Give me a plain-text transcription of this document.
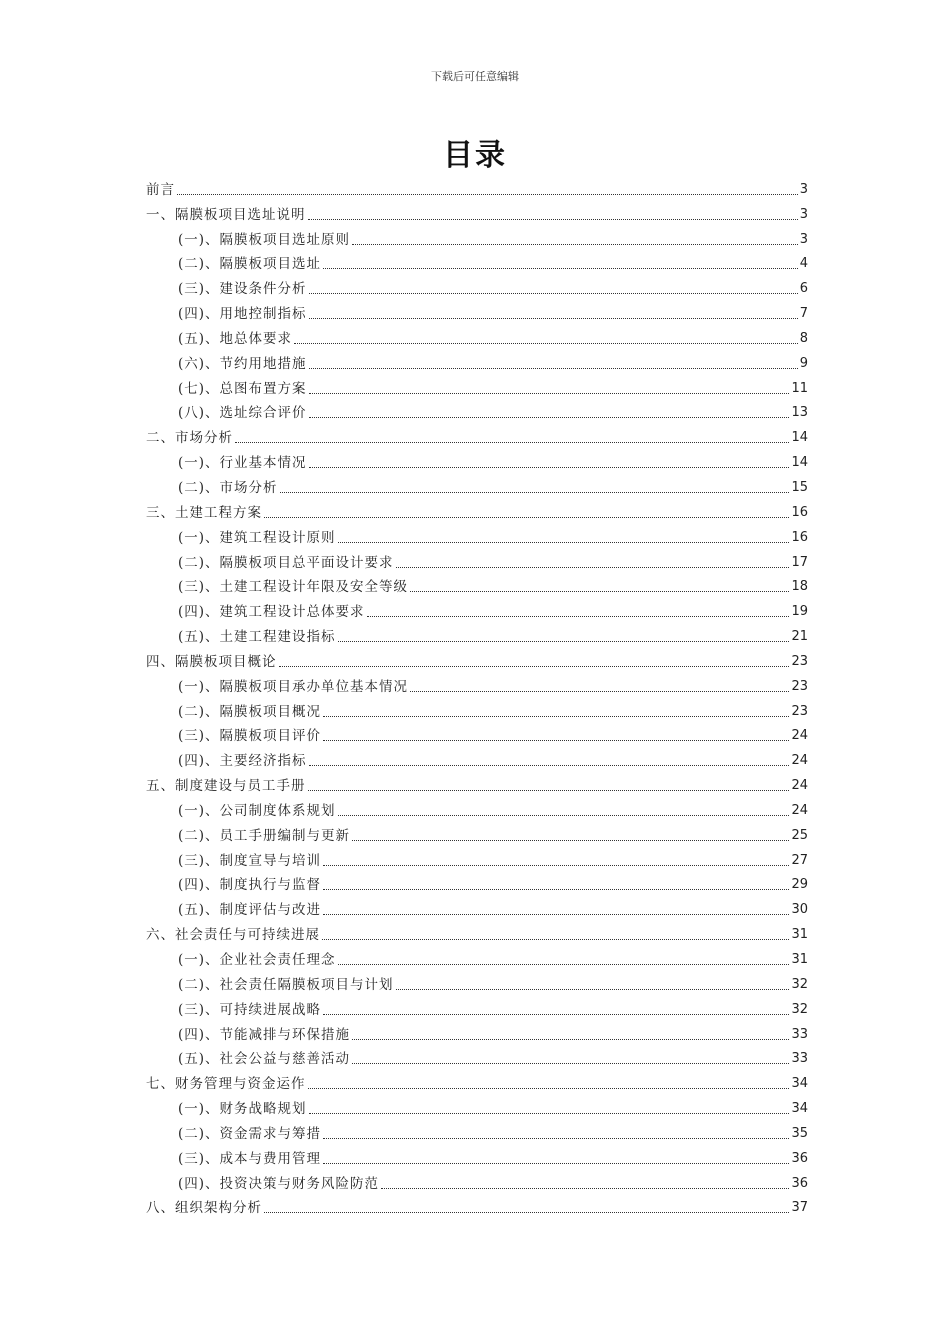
下载后可任意编辑
目录
前言	3
一、隔膜板项目选址说明	3
(一)、隔膜板项目选址原则	3
(二)、隔膜板项目选址	4
(三)、建设条件分析	6
(四)、用地控制指标	7
(五)、地总体要求	8
(六)、节约用地措施	9
(七)、总图布置方案	11
(八)、选址综合评价	13
二、市场分析	14
(一)、行业基本情况	14
(二)、市场分析	15
三、土建工程方案	16
(一)、建筑工程设计原则	16
(二)、隔膜板项目总平面设计要求	17
(三)、土建工程设计年限及安全等级	18
(四)、建筑工程设计总体要求	19
(五)、土建工程建设指标	21
四、隔膜板项目概论	23
(一)、隔膜板项目承办单位基本情况	23
(二)、隔膜板项目概况	23
(三)、隔膜板项目评价	24
(四)、主要经济指标	24
五、制度建设与员工手册	24
(一)、公司制度体系规划	24
(二)、员工手册编制与更新	25
(三)、制度宣导与培训	27
(四)、制度执行与监督	29
(五)、制度评估与改进	30
六、社会责任与可持续进展	31
(一)、企业社会责任理念	31
(二)、社会责任隔膜板项目与计划	32
(三)、可持续进展战略	32
(四)、节能减排与环保措施	33
(五)、社会公益与慈善活动	33
七、财务管理与资金运作	34
(一)、财务战略规划	34
(二)、资金需求与筹措	35
(三)、成本与费用管理	36
(四)、投资决策与财务风险防范	36
八、组织架构分析	37
